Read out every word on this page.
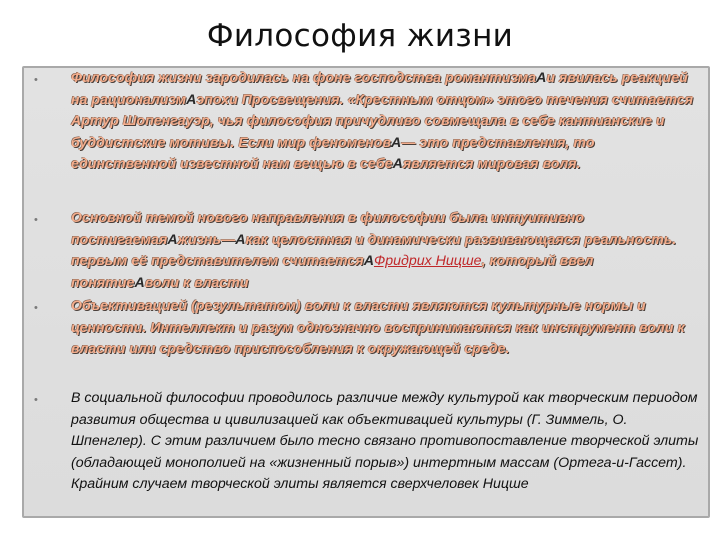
Философия жизни
• Философия жизни зародилась на фоне господства романтизмаAи явилась реакцией на рационализмAэпохи Просвещения. «Крестным отцом» этого течения считается Артур Шопенгауэр, чья философия причудливо совмещала в себе кантианские и буддистские мотивы. Если мир феноменовA— это представления, то единственной известной нам вещью в себеAявляется мировая воля.
• Основной темой нового направления в философии была интуитивно постигаемаяAжизнь—Aкак целостная и динамически развивающаяся реальность. первым её представителем считаетсяAФридрих Ницше, который ввел понятиеAволи к власти
• Объективацией (результатом) воли к власти являются культурные нормы и ценности. Интеллект и разум однозначно воспринимаются как инструмент воли к власти или средство приспособления к окружающей среде.
• В социальной философии проводилось различие между культурой как творческим периодом развития общества и цивилизацией как объективацией культуры (Г. Зиммель, О. Шпенглер). С этим различием было тесно связано противопоставление творческой элиты (обладающей монополией на «жизненный порыв») интертным массам (Ортега-и-Гассет). Крайним случаем творческой элиты является сверхчеловек Ницше
